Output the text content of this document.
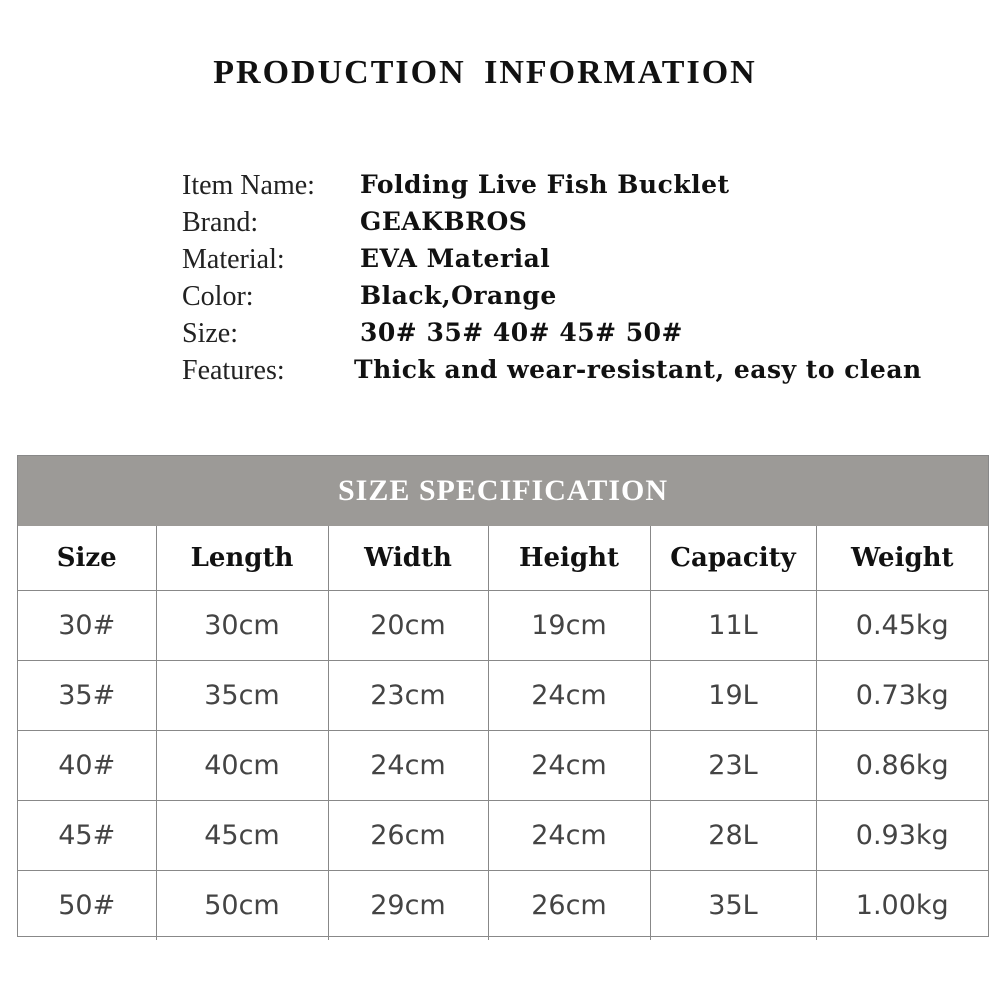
PRODUCTION INFORMATION
Item Name: Folding Live Fish Bucklet
Brand:	GEAKBROS
Material:	EVA Material
Color:	Black,Orange
Size:	30# 35# 40# 45# 50#
Features:	Thick and wear-resistant, easy to clean
SIZE SPECIFICATION
Size	Length	Width	Height	Capacity	Weight
30#	30cm	20cm	19cm	11L	0.45kg
35#	35cm	23cm	24cm	19L	0.73kg
40#	40cm	24cm	24cm	23L	0.86kg
45#	45cm	26cm	24cm	28L	0.93kg
50#	50cm	29cm	26cm	35L	1.00kg
